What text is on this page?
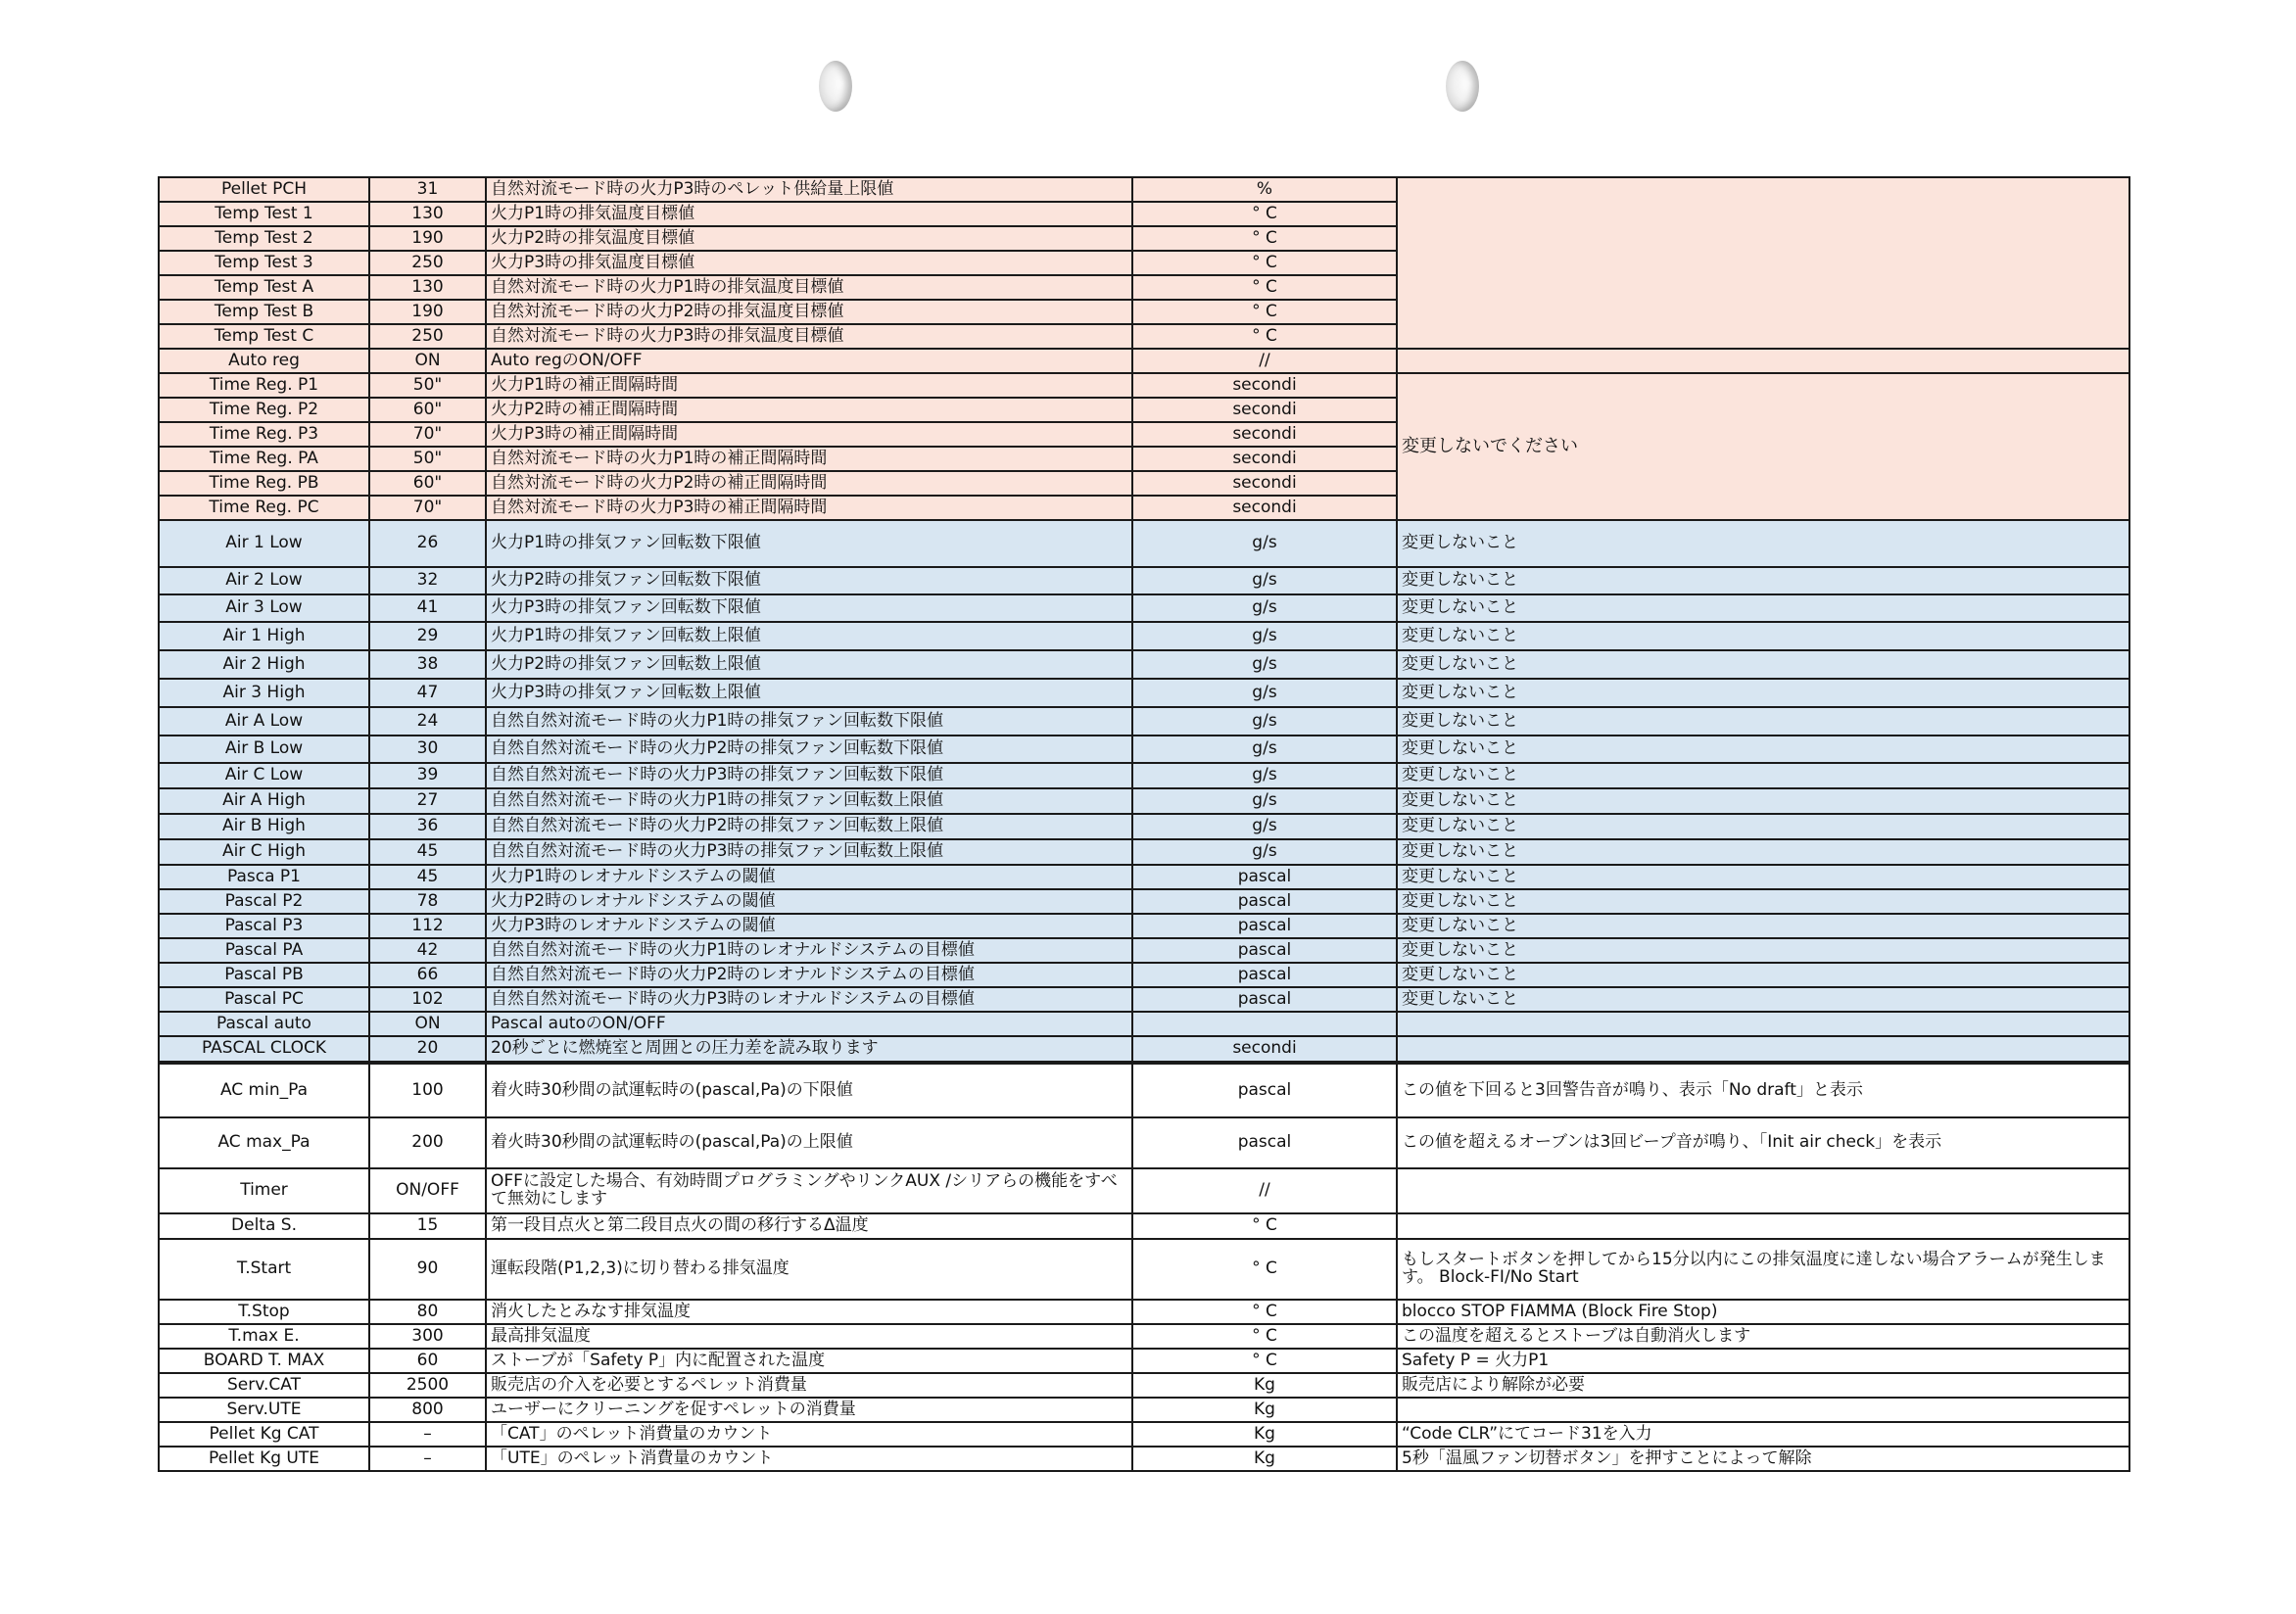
Pellet PCH	31	自然対流モード時の火力P3時のペレット供給量上限値	%	
Temp Test 1	130	火力P1時の排気温度目標値	° C	
Temp Test 2	190	火力P2時の排気温度目標値	° C	
Temp Test 3	250	火力P3時の排気温度目標値	° C	
Temp Test A	130	自然対流モード時の火力P1時の排気温度目標値	° C	
Temp Test B	190	自然対流モード時の火力P2時の排気温度目標値	° C	
Temp Test C	250	自然対流モード時の火力P3時の排気温度目標値	° C	
Auto reg	ON	Auto regのON/OFF	//	
Time Reg. P1	50"	火力P1時の補正間隔時間	secondi	変更しないでください
Time Reg. P2	60"	火力P2時の補正間隔時間	secondi	
Time Reg. P3	70"	火力P3時の補正間隔時間	secondi	
Time Reg. PA	50"	自然対流モード時の火力P1時の補正間隔時間	secondi	
Time Reg. PB	60"	自然対流モード時の火力P2時の補正間隔時間	secondi	
Time Reg. PC	70"	自然対流モード時の火力P3時の補正間隔時間	secondi	
Air 1 Low	26	火力P1時の排気ファン回転数下限値	g/s	変更しないこと
Air 2 Low	32	火力P2時の排気ファン回転数下限値	g/s	変更しないこと
Air 3 Low	41	火力P3時の排気ファン回転数下限値	g/s	変更しないこと
Air 1 High	29	火力P1時の排気ファン回転数上限値	g/s	変更しないこと
Air 2 High	38	火力P2時の排気ファン回転数上限値	g/s	変更しないこと
Air 3 High	47	火力P3時の排気ファン回転数上限値	g/s	変更しないこと
Air A Low	24	自然自然対流モード時の火力P1時の排気ファン回転数下限値	g/s	変更しないこと
Air B Low	30	自然自然対流モード時の火力P2時の排気ファン回転数下限値	g/s	変更しないこと
Air C Low	39	自然自然対流モード時の火力P3時の排気ファン回転数下限値	g/s	変更しないこと
Air A High	27	自然自然対流モード時の火力P1時の排気ファン回転数上限値	g/s	変更しないこと
Air B High	36	自然自然対流モード時の火力P2時の排気ファン回転数上限値	g/s	変更しないこと
Air C High	45	自然自然対流モード時の火力P3時の排気ファン回転数上限値	g/s	変更しないこと
Pasca P1	45	火力P1時のレオナルドシステムの閾値	pascal	変更しないこと
Pascal P2	78	火力P2時のレオナルドシステムの閾値	pascal	変更しないこと
Pascal P3	112	火力P3時のレオナルドシステムの閾値	pascal	変更しないこと
Pascal PA	42	自然自然対流モード時の火力P1時のレオナルドシステムの目標値	pascal	変更しないこと
Pascal PB	66	自然自然対流モード時の火力P2時のレオナルドシステムの目標値	pascal	変更しないこと
Pascal PC	102	自然自然対流モード時の火力P3時のレオナルドシステムの目標値	pascal	変更しないこと
Pascal auto	ON	Pascal autoのON/OFF		
PASCAL CLOCK	20	20秒ごとに燃焼室と周囲との圧力差を読み取ります	secondi	
AC min_Pa	100	着火時30秒間の試運転時の(pascal,Pa)の下限値	pascal	この値を下回ると3回警告音が鳴り、表示「No draft」と表示
AC max_Pa	200	着火時30秒間の試運転時の(pascal,Pa)の上限値	pascal	この値を超えるオーブンは3回ビープ音が鳴り、「Init air check」を表示
Timer	ON/OFF	OFFに設定した場合、有効時間プログラミングやリンクAUX /シリアらの機能をすべて無効にします	//	
Delta S.	15	第一段目点火と第二段目点火の間の移行するΔ温度	° C	
T.Start	90	運転段階(P1,2,3)に切り替わる排気温度	° C	もしスタートボタンを押してから15分以内にこの排気温度に達しない場合アラームが発生します。 Block-FI/No Start
T.Stop	80	消火したとみなす排気温度	° C	blocco STOP FIAMMA (Block Fire Stop)
T.max E.	300	最高排気温度	° C	この温度を超えるとストーブは自動消火します
BOARD T. MAX	60	ストーブが「Safety P」内に配置された温度	° C	Safety P = 火力P1
Serv.CAT	2500	販売店の介入を必要とするペレット消費量	Kg	販売店により解除が必要
Serv.UTE	800	ユーザーにクリーニングを促すペレットの消費量	Kg	
Pellet Kg CAT	–	「CAT」のペレット消費量のカウント	Kg	“Code CLR”にてコード31を入力
Pellet Kg UTE	–	「UTE」のペレット消費量のカウント	Kg	5秒「温風ファン切替ボタン」を押すことによって解除
